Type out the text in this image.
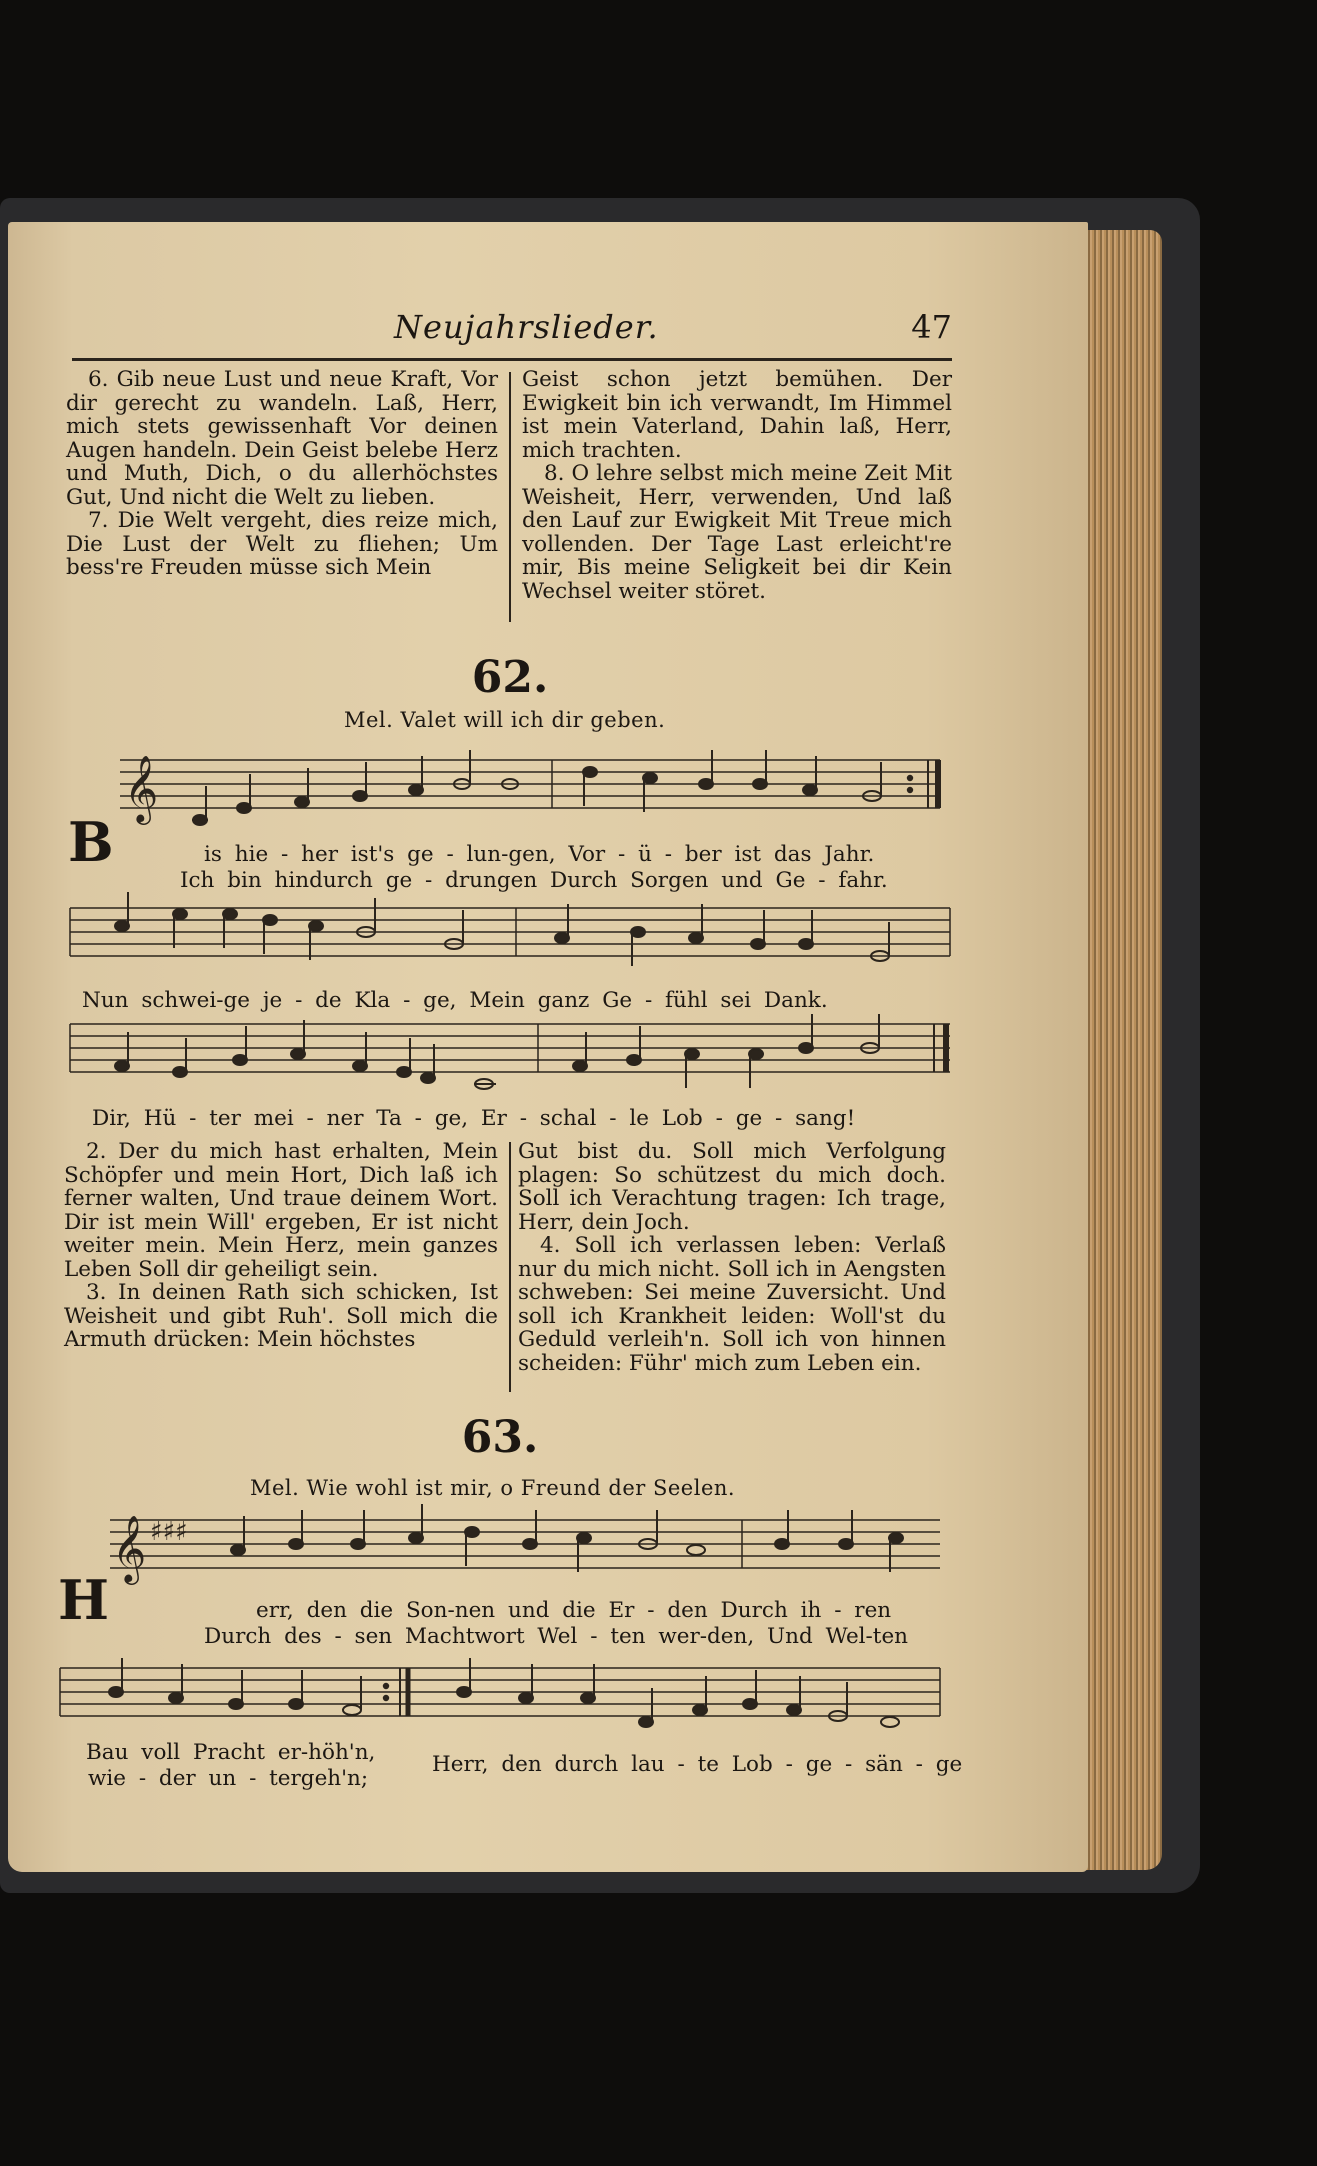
Neujahrslieder.	47

6. Gib neue Lust und neue Kraft, Vor dir gerecht zu wandeln. Laß, Herr, mich stets gewissenhaft Vor deinen Augen handeln. Dein Geist belebe Herz und Muth, Dich, o du allerhöchstes Gut, Und nicht die Welt zu lieben.

7. Die Welt vergeht, dies reize mich, Die Lust der Welt zu fliehen; Um bess're Freuden müsse sich Mein

Geist schon jetzt bemühen. Der Ewigkeit bin ich verwandt, Im Himmel ist mein Vaterland, Dahin laß, Herr, mich trachten.

8. O lehre selbst mich meine Zeit Mit Weisheit, Herr, verwenden, Und laß den Lauf zur Ewigkeit Mit Treue mich vollenden. Der Tage Last erleicht're mir, Bis meine Seligkeit bei dir Kein Wechsel weiter störet.

62.
Mel. Valet will ich dir geben.
𝄞
B	is hie - her ist's ge - lun-gen, Vor - ü - ber ist das Jahr.
Ich bin hindurch ge - drungen Durch Sorgen und Ge - fahr.
Nun schwei-ge je - de Kla - ge, Mein ganz Ge - fühl sei Dank.
Dir, Hü - ter mei - ner Ta - ge, Er - schal - le Lob - ge - sang!

2. Der du mich hast erhalten, Mein Schöpfer und mein Hort, Dich laß ich ferner walten, Und traue deinem Wort. Dir ist mein Will' ergeben, Er ist nicht weiter mein. Mein Herz, mein ganzes Leben Soll dir geheiligt sein.

3. In deinen Rath sich schicken, Ist Weisheit und gibt Ruh'. Soll mich die Armuth drücken: Mein höchstes

Gut bist du. Soll mich Verfolgung plagen: So schützest du mich doch. Soll ich Verachtung tragen: Ich trage, Herr, dein Joch.

4. Soll ich verlassen leben: Verlaß nur du mich nicht. Soll ich in Aengsten schweben: Sei meine Zuversicht. Und soll ich Krankheit leiden: Woll'st du Geduld verleih'n. Soll ich von hinnen scheiden: Führ' mich zum Leben ein.

63.
Mel. Wie wohl ist mir, o Freund der Seelen.
𝄞 ♯♯♯
H	err, den die Son-nen und die Er - den Durch ih - ren
Durch des - sen Machtwort Wel - ten wer-den, Und Wel-ten
Bau voll Pracht er-höh'n,
wie - der un - tergeh'n;
Herr, den durch lau - te Lob - ge - sän - ge
